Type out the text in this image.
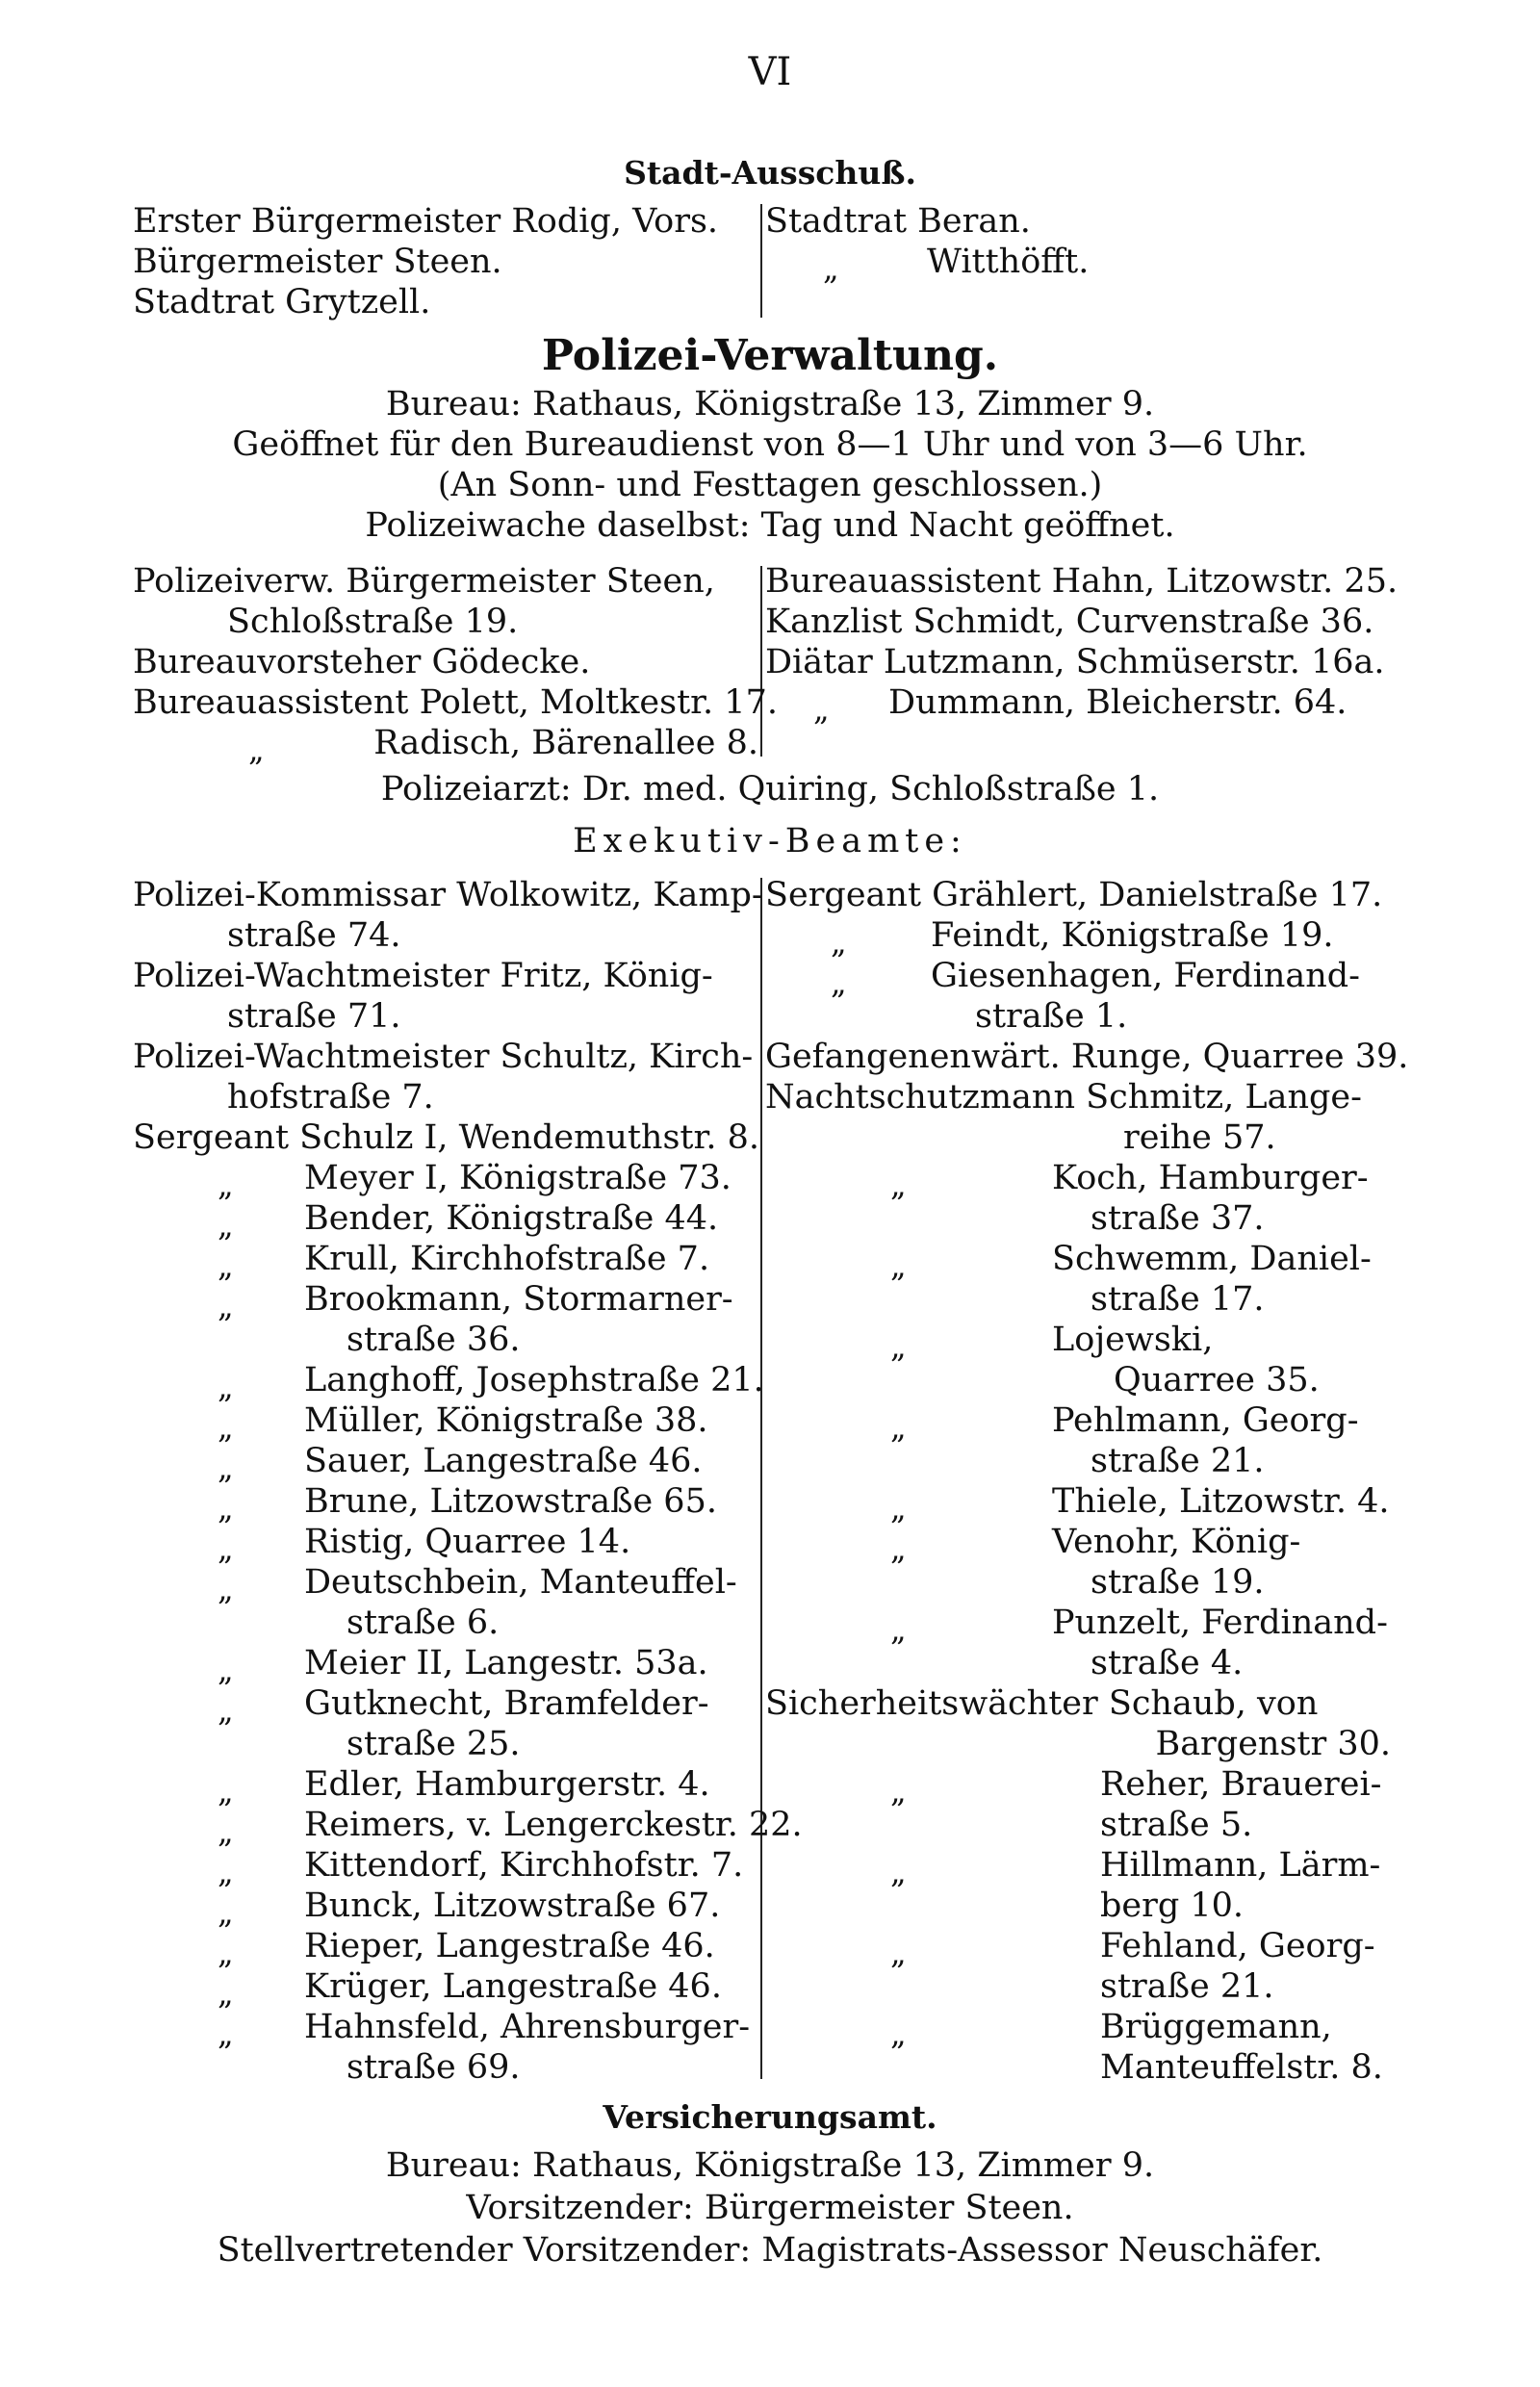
VI
Stadt-Ausschuß.
Erster Bürgermeister Rodig, Vors.
Bürgermeister Steen.
Stadtrat Grytzell.
Stadtrat Beran.
„	Witthöfft.
Polizei-Verwaltung.
Bureau: Rathaus, Königstraße 13, Zimmer 9.
Geöffnet für den Bureaudienst von 8—1 Uhr und von 3—6 Uhr.
(An Sonn- und Festtagen geschlossen.)
Polizeiwache daselbst: Tag und Nacht geöffnet.
Polizeiverw. Bürgermeister Steen,
Schloßstraße 19.
Bureauvorsteher Gödecke.
Bureauassistent Polett, Moltkestr. 17.
„	Radisch, Bärenallee 8.
Bureauassistent Hahn, Litzowstr. 25.
Kanzlist Schmidt, Curvenstraße 36.
Diätar Lutzmann, Schmüserstr. 16a.
„ Dummann, Bleicherstr. 64.
Polizeiarzt: Dr. med. Quiring, Schloßstraße 1.
Exekutiv-Beamte:
Polizei-Kommissar Wolkowitz, Kamp-
straße 74.
Polizei-Wachtmeister Fritz, König-
straße 71.
Polizei-Wachtmeister Schultz, Kirch-
hofstraße 7.
Sergeant Schulz I, Wendemuthstr. 8.
„ Meyer I, Königstraße 73.
„ Bender, Königstraße 44.
„ Krull, Kirchhofstraße 7.
„ Brookmann, Stormarner-
straße 36.
„ Langhoff, Josephstraße 21.
„ Müller, Königstraße 38.
„ Sauer, Langestraße 46.
„ Brune, Litzowstraße 65.
„ Ristig, Quarree 14.
„ Deutschbein, Manteuffel-
straße 6.
„ Meier II, Langestr. 53a.
„ Gutknecht, Bramfelder-
straße 25.
„ Edler, Hamburgerstr. 4.
„ Reimers, v. Lengerckestr. 22.
„ Kittendorf, Kirchhofstr. 7.
„ Bunck, Litzowstraße 67.
„ Rieper, Langestraße 46.
„ Krüger, Langestraße 46.
„ Hahnsfeld, Ahrensburger-
straße 69.
Sergeant Grählert, Danielstraße 17.
„ Feindt, Königstraße 19.
„ Giesenhagen, Ferdinand-
straße 1.
Gefangenenwärt. Runge, Quarree 39.
Nachtschutzmann Schmitz, Lange-
reihe 57.
„	Koch, Hamburger-
straße 37.
„	Schwemm, Daniel-
straße 17.
„	Lojewski,
Quarree 35.
„	Pehlmann, Georg-
straße 21.
„	Thiele, Litzowstr. 4.
„	Venohr, König-
straße 19.
„	Punzelt, Ferdinand-
straße 4.
Sicherheitswächter Schaub, von
Bargenstr 30.
„	Reher, Brauerei-
straße 5.
„	Hillmann, Lärm-
berg 10.
„	Fehland, Georg-
straße 21.
„	Brüggemann,
Manteuffelstr. 8.
Versicherungsamt.
Bureau: Rathaus, Königstraße 13, Zimmer 9.
Vorsitzender: Bürgermeister Steen.
Stellvertretender Vorsitzender: Magistrats-Assessor Neuschäfer.
